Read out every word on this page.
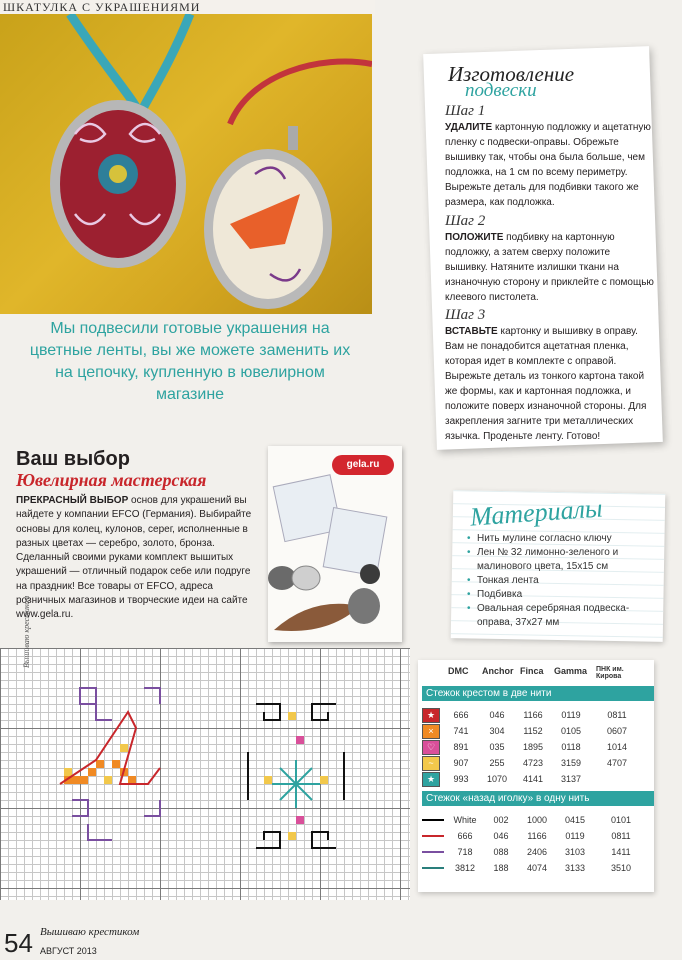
ШКАТУЛКА С УКРАШЕНИЯМИ
Мы подвесили готовые украшения на цветные ленты, вы же можете заменить их на цепочку, купленную в ювелирном магазине
Изготовление
подвески
Шаг 1
УДАЛИТЕ картонную подложку и ацетатную пленку с подвески-оправы. Обрежьте вышивку так, чтобы она была больше, чем подложка, на 1 см по всему периметру. Вырежьте деталь для подбивки такого же размера, как подложка.
Шаг 2
ПОЛОЖИТЕ подбивку на картонную подложку, а затем сверху положите вышивку. Натяните излишки ткани на изнаночную сторону и приклейте с помощью клеевого пистолета.
Шаг 3
ВСТАВЬТЕ картонку и вышивку в оправу. Вам не понадобится ацетатная пленка, которая идет в комплекте с оправой. Вырежьте деталь из тонкого картона такой же формы, как и картонная подложка, и положите поверх изнаночной стороны. Для закрепления загните три металлических язычка. Проденьте ленту. Готово!
Ваш выбор
Ювелирная мастерская
ПРЕКРАСНЫЙ ВЫБОР основ для украшений вы найдете у компании EFCO (Германия). Выбирайте основы для колец, кулонов, серег, исполненные в разных цветах — серебро, золото, бронза. Сделанный своими руками комплект вышитых украшений — отличный подарок себе или подруге на праздник! Все товары от EFCO, адреса розничных магазинов и творческие идеи на сайте www.gela.ru.
gela.ru
Материалы
• Нить мулине согласно ключу
• Лен № 32 лимонно-зеленого и малинового цвета, 15x15 см
• Тонкая лента
• Подбивка
• Овальная серебряная подвеска-оправа, 37x27 мм
Вышиваю крестиком
DMC	Anchor Finca	Gamma	ПНК им. Кирова
Стежок крестом в две нити
★	666	046	1166	0119	0811
×	741	304	1152	0105	0607
♡	891	035	1895	0118	1014
~	907	255	4723	3159	4707
★	993	1070	4141	3137
Стежок «назад иголку» в одну нить
White	002	1000	0415	0101
666	046	1166	0119	0811
718	088	2406	3103	1411
3812	188	4074	3133	3510
54 Вышиваю крестиком
АВГУСТ 2013
